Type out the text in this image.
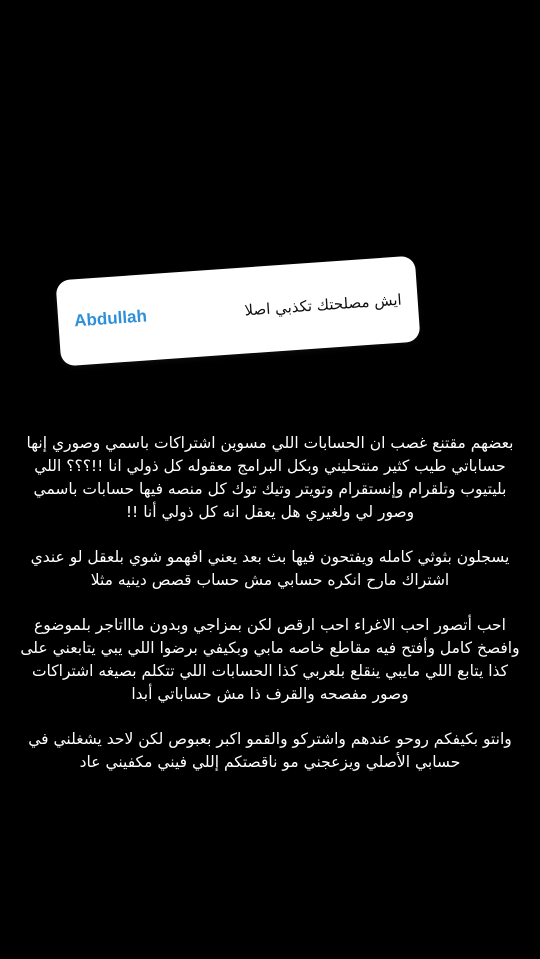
Abdullah	ايش مصلحتك تكذبي اصلا

بعضهم مقتنع غصب ان الحسابات اللي مسوين اشتراكات باسمي وصوري إنها حساباتي طيب كثير منتحليني وبكل البرامج معقوله كل ذولي انا !!؟؟؟ اللي بليتيوب وتلقرام وإنستقرام وتويتر وتيك توك كل منصه فيها حسابات باسمي وصور لي ولغيري هل يعقل انه كل ذولي أنا !!

يسجلون بثوثي كامله ويفتحون فيها بث بعد يعني افهمو شوي بلعقل لو عندي اشتراك مارح انكره حسابي مش حساب قصص دينيه مثلا

احب أتصور احب الاغراء احب ارقص لكن بمزاجي وبدون ماااتاجر بلموضوع وافصخ كامل وأفتح فيه مقاطع خاصه مابي وبكيفي برضوا اللي يبي يتابعني على كذا يتابع اللي مايبي ينقلع بلعربي كذا الحسابات اللي تتكلم بصيغه اشتراكات وصور مفصحه والقرف ذا مش حساباتي أبدا

وانتو بكيفكم روحو عندهم واشتركو والقمو اكبر بعبوص لكن لاحد يشغلني في حسابي الأصلي ويزعجني مو ناقصتكم إللي فيني مكفيني عاد
